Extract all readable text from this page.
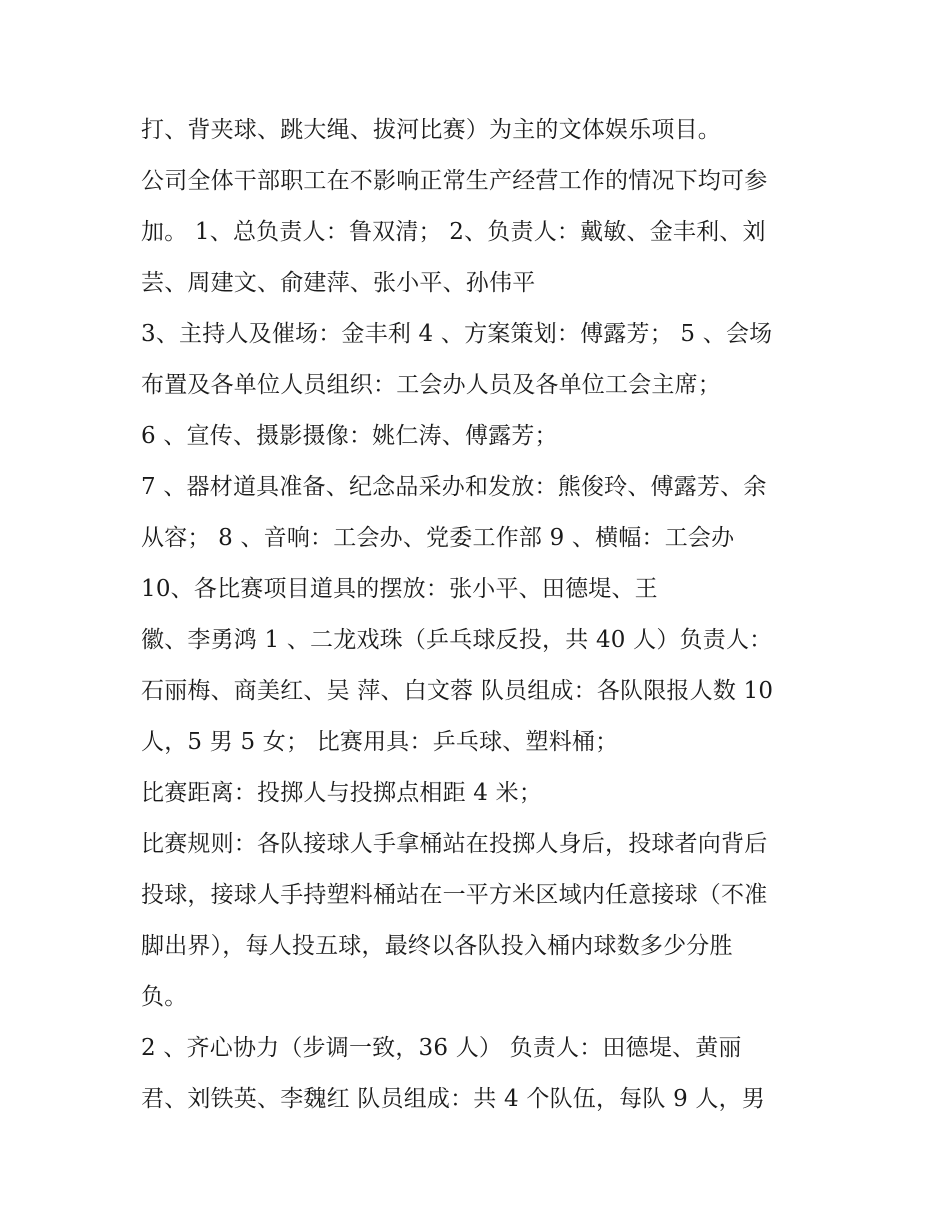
打、背夹球、跳大绳、拔河比赛）为主的文体娱乐项目。
公司全体干部职工在不影响正常生产经营工作的情况下均可参
加。 1、总负责人：鲁双清； 2、负责人：戴敏、金丰利、刘
芸、周建文、俞建萍、张小平、孙伟平
3、主持人及催场：金丰利 4 、方案策划：傅露芳； 5 、会场
布置及各单位人员组织：工会办人员及各单位工会主席；
6 、宣传、摄影摄像：姚仁涛、傅露芳；
7 、器材道具准备、纪念品采办和发放：熊俊玲、傅露芳、余
从容； 8 、音响：工会办、党委工作部 9 、横幅：工会办
10、各比赛项目道具的摆放：张小平、田德堤、王
徽、李勇鸿 1 、二龙戏珠（乒乓球反投，共 40 人）负责人：
石丽梅、商美红、吴 萍、白文蓉 队员组成：各队限报人数 10
人，5 男 5 女； 比赛用具：乒乓球、塑料桶；
比赛距离：投掷人与投掷点相距 4 米；
比赛规则：各队接球人手拿桶站在投掷人身后，投球者向背后
投球，接球人手持塑料桶站在一平方米区域内任意接球（不准
脚出界），每人投五球，最终以各队投入桶内球数多少分胜
负。
2 、齐心协力（步调一致，36 人） 负责人：田德堤、黄丽
君、刘铁英、李魏红 队员组成：共 4 个队伍，每队 9 人，男
